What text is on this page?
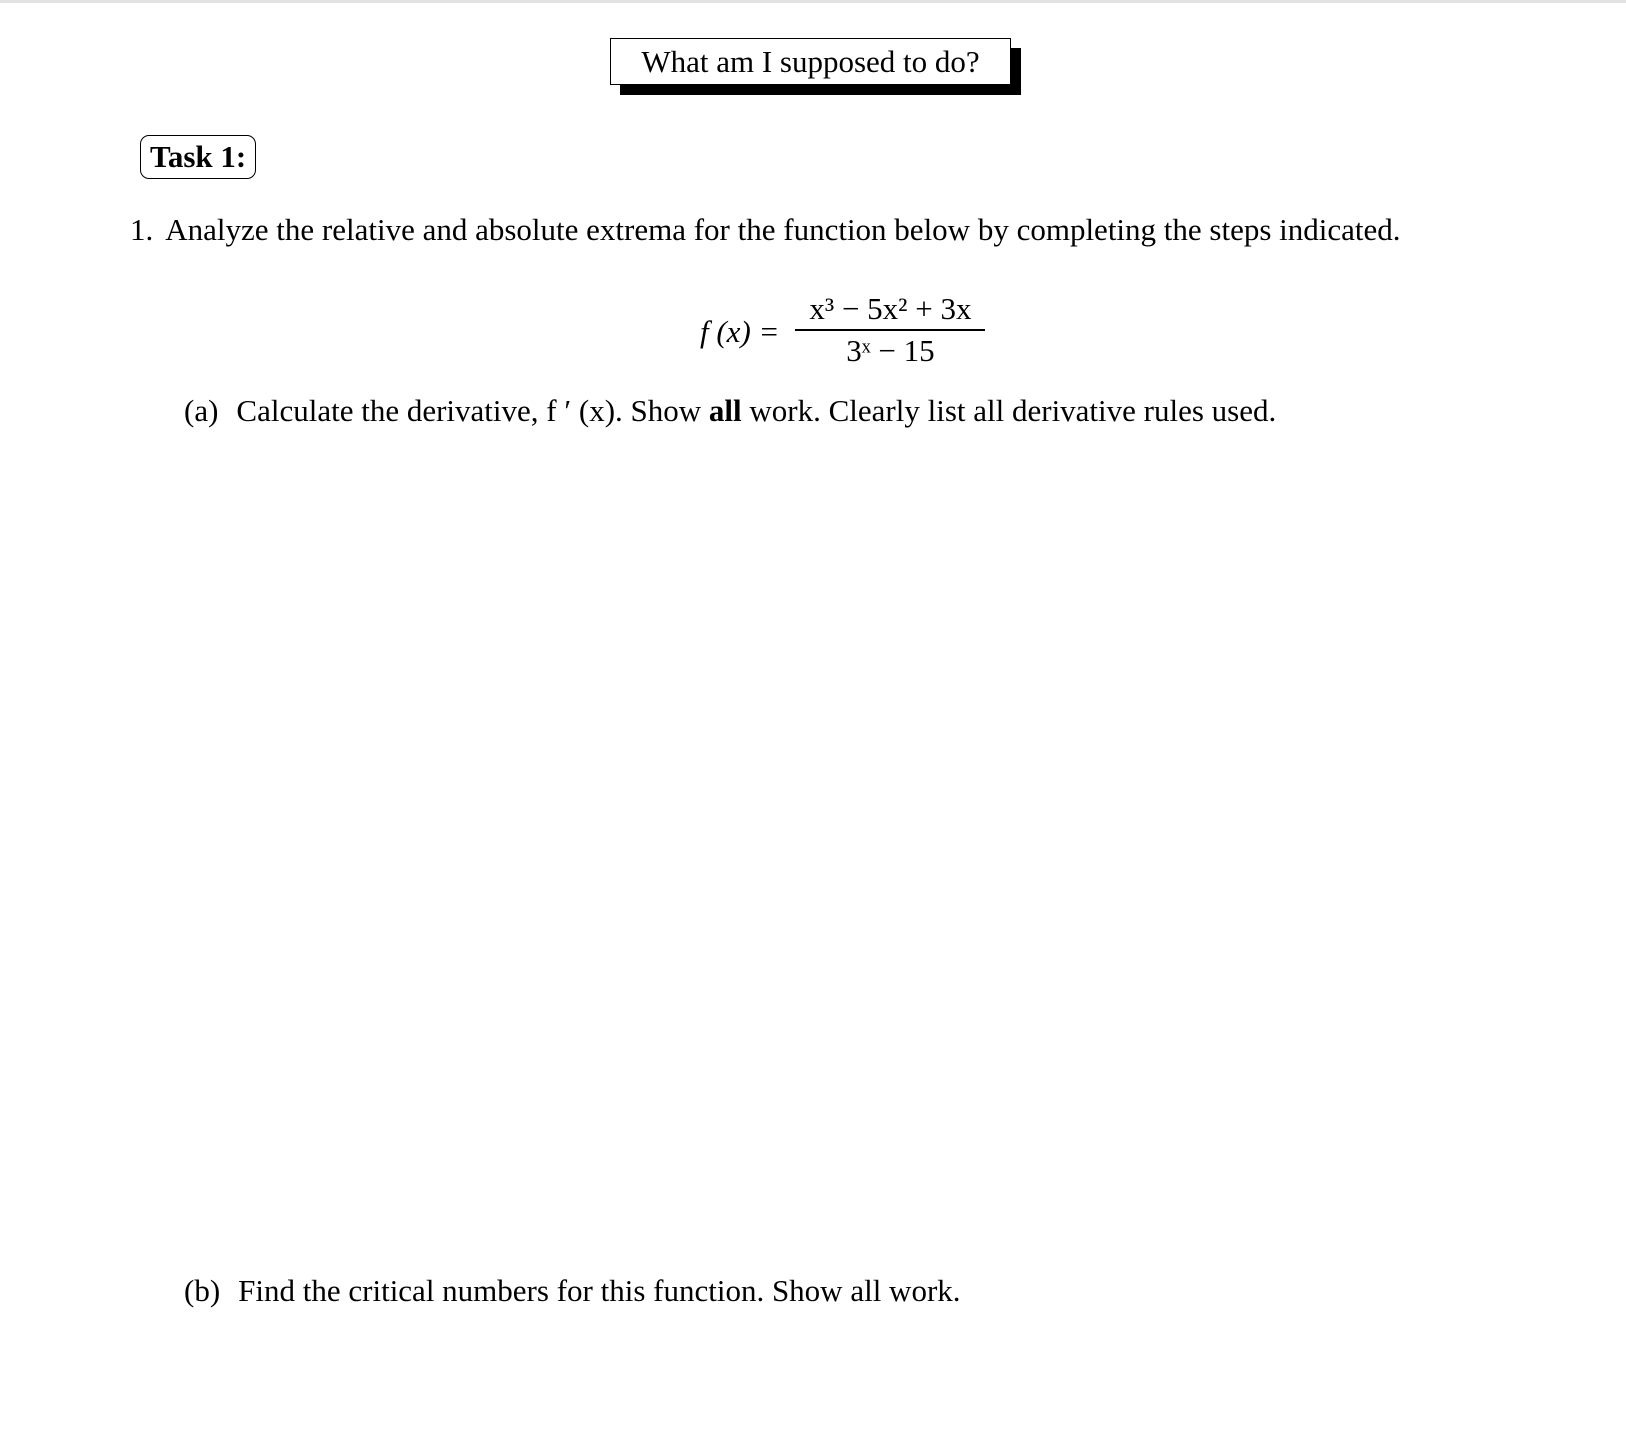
What am I supposed to do?
Task 1:
1. Analyze the relative and absolute extrema for the function below by completing the steps indicated.
f $(x) = \frac{\text{x³ − 5x² + 3x}}{\text{3ˣ − 15}}$
(a) Calculate the derivative, f ′ (x). Show all work. Clearly list all derivative rules used.
(b) Find the critical numbers for this function. Show all work.
